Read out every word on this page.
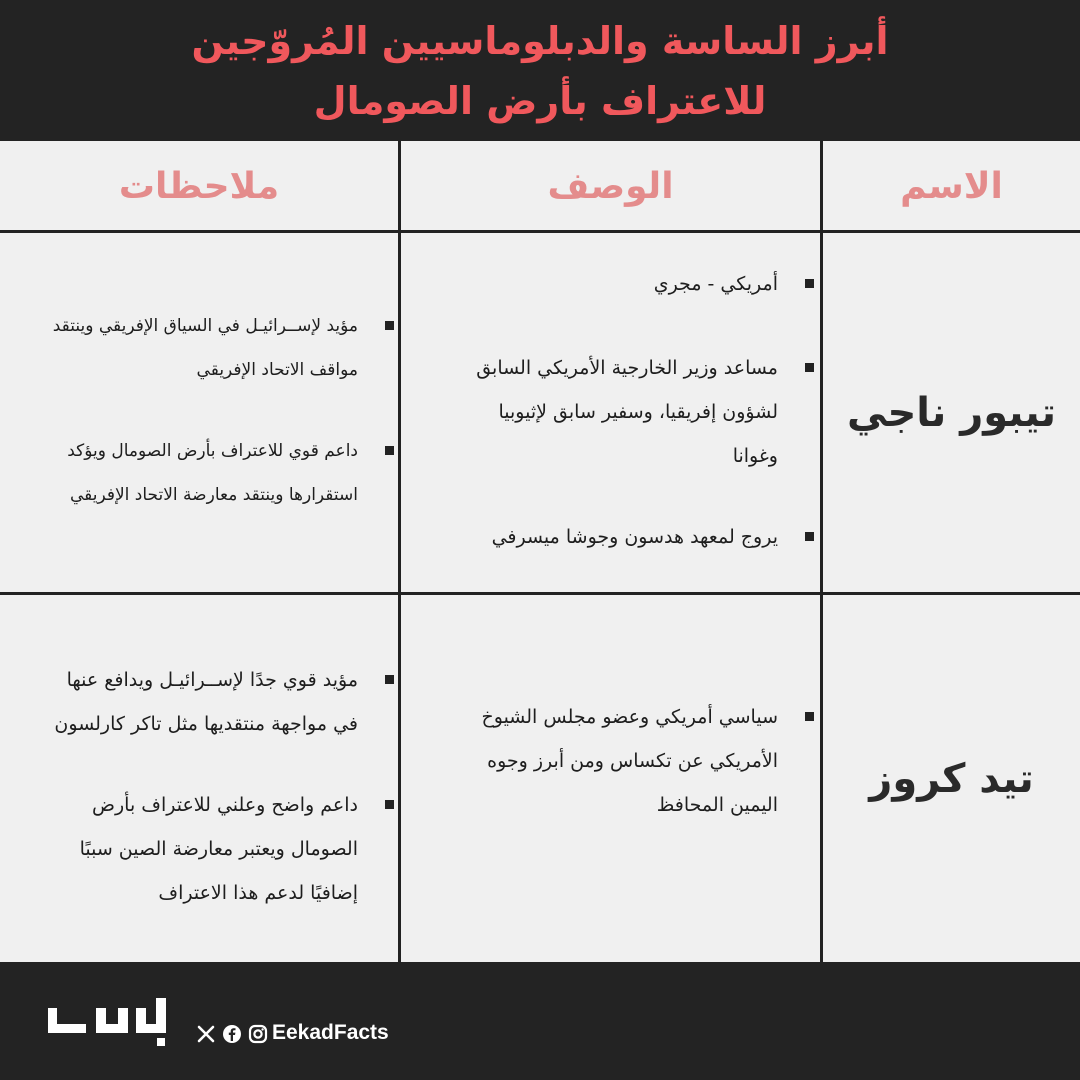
أبرز الساسة والدبلوماسيين المُروّجين
للاعتراف بأرض الصومال
الاسم
الوصف
ملاحظات
تيبور ناجي
أمريكي - مجري
مساعد وزير الخارجية الأمريكي السابق
لشؤون إفريقيا، وسفير سابق لإثيوبيا
وغوانا
يروج لمعهد هدسون وجوشا ميسرفي
مؤيد لإســرائيـل في السياق الإفريقي وينتقد
مواقف الاتحاد الإفريقي
داعم قوي للاعتراف بأرض الصومال ويؤكد
استقرارها وينتقد معارضة الاتحاد الإفريقي
تيد كروز
سياسي أمريكي وعضو مجلس الشيوخ
الأمريكي عن تكساس ومن أبرز وجوه
اليمين المحافظ
مؤيد قوي جدًا لإســرائيـل ويدافع عنها
في مواجهة منتقديها مثل تاكر كارلسون
داعم واضح وعلني للاعتراف بأرض
الصومال ويعتبر معارضة الصين سببًا
إضافيًا لدعم هذا الاعتراف
EekadFacts
